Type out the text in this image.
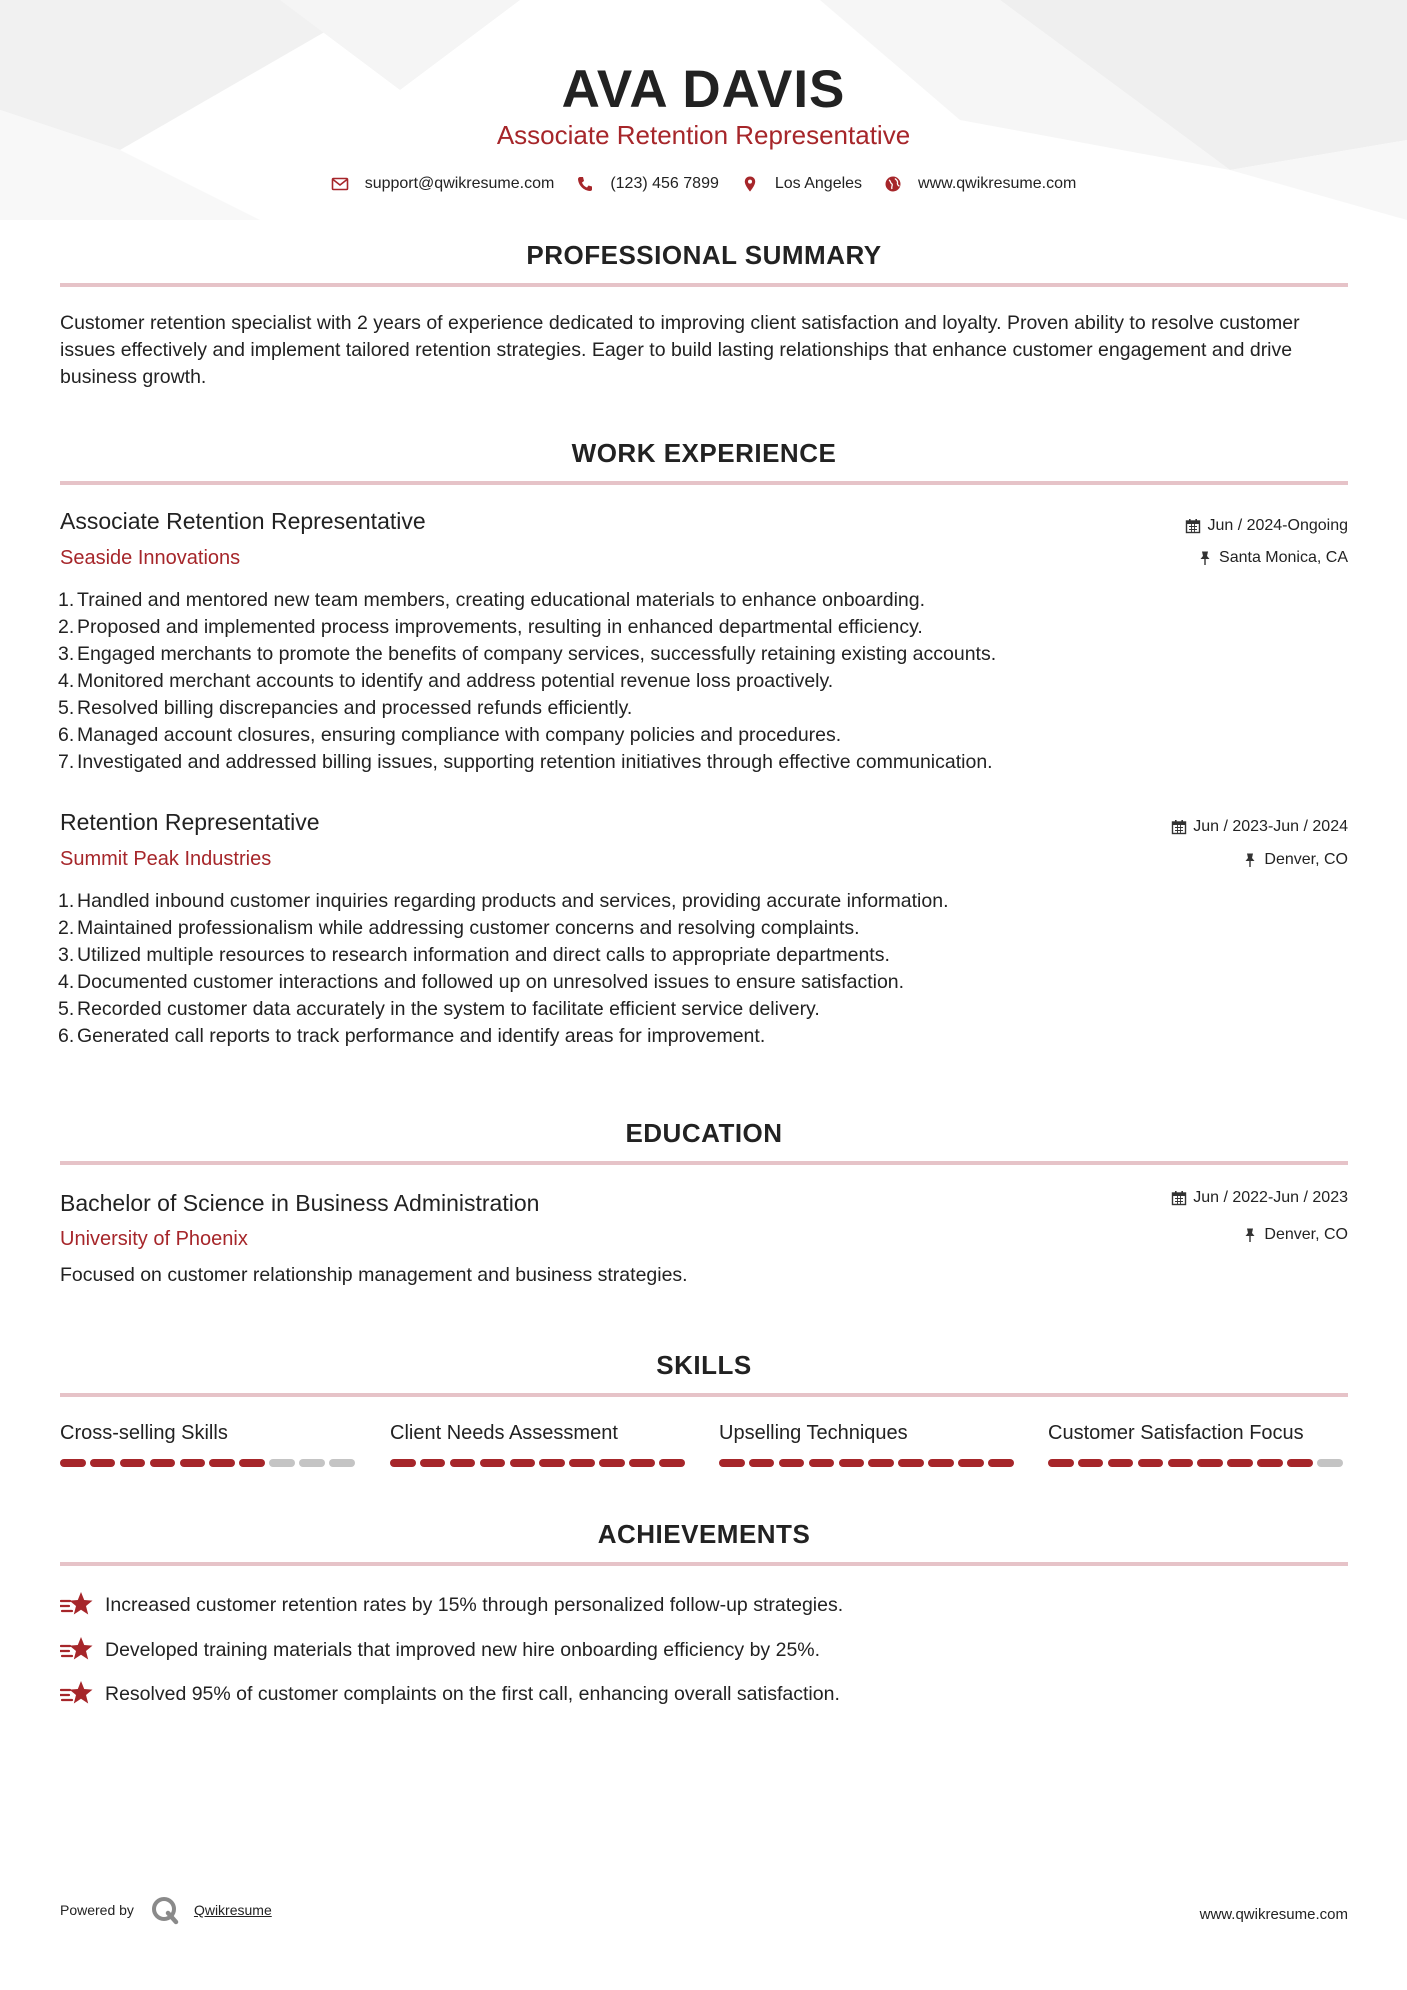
AVA DAVIS
Associate Retention Representative
support@qwikresume.com	(123) 456 7899	Los Angeles	www.qwikresume.com
PROFESSIONAL SUMMARY
Customer retention specialist with 2 years of experience dedicated to improving client satisfaction and loyalty. Proven ability to resolve customer issues effectively and implement tailored retention strategies. Eager to build lasting relationships that enhance customer engagement and drive business growth.
WORK EXPERIENCE
Associate Retention Representative
Seaside Innovations
Jun / 2024-Ongoing
Santa Monica, CA
1. Trained and mentored new team members, creating educational materials to enhance onboarding.
2. Proposed and implemented process improvements, resulting in enhanced departmental efficiency.
3. Engaged merchants to promote the benefits of company services, successfully retaining existing accounts.
4. Monitored merchant accounts to identify and address potential revenue loss proactively.
5. Resolved billing discrepancies and processed refunds efficiently.
6. Managed account closures, ensuring compliance with company policies and procedures.
7. Investigated and addressed billing issues, supporting retention initiatives through effective communication.
Retention Representative
Summit Peak Industries
Jun / 2023-Jun / 2024
Denver, CO
1. Handled inbound customer inquiries regarding products and services, providing accurate information.
2. Maintained professionalism while addressing customer concerns and resolving complaints.
3. Utilized multiple resources to research information and direct calls to appropriate departments.
4. Documented customer interactions and followed up on unresolved issues to ensure satisfaction.
5. Recorded customer data accurately in the system to facilitate efficient service delivery.
6. Generated call reports to track performance and identify areas for improvement.
EDUCATION
Bachelor of Science in Business Administration
University of Phoenix
Jun / 2022-Jun / 2023
Denver, CO
Focused on customer relationship management and business strategies.
SKILLS
Cross-selling Skills	Client Needs Assessment	Upselling Techniques	Customer Satisfaction Focus
ACHIEVEMENTS
Increased customer retention rates by 15% through personalized follow-up strategies.
Developed training materials that improved new hire onboarding efficiency by 25%.
Resolved 95% of customer complaints on the first call, enhancing overall satisfaction.
Powered by	Qwikresume	www.qwikresume.com
